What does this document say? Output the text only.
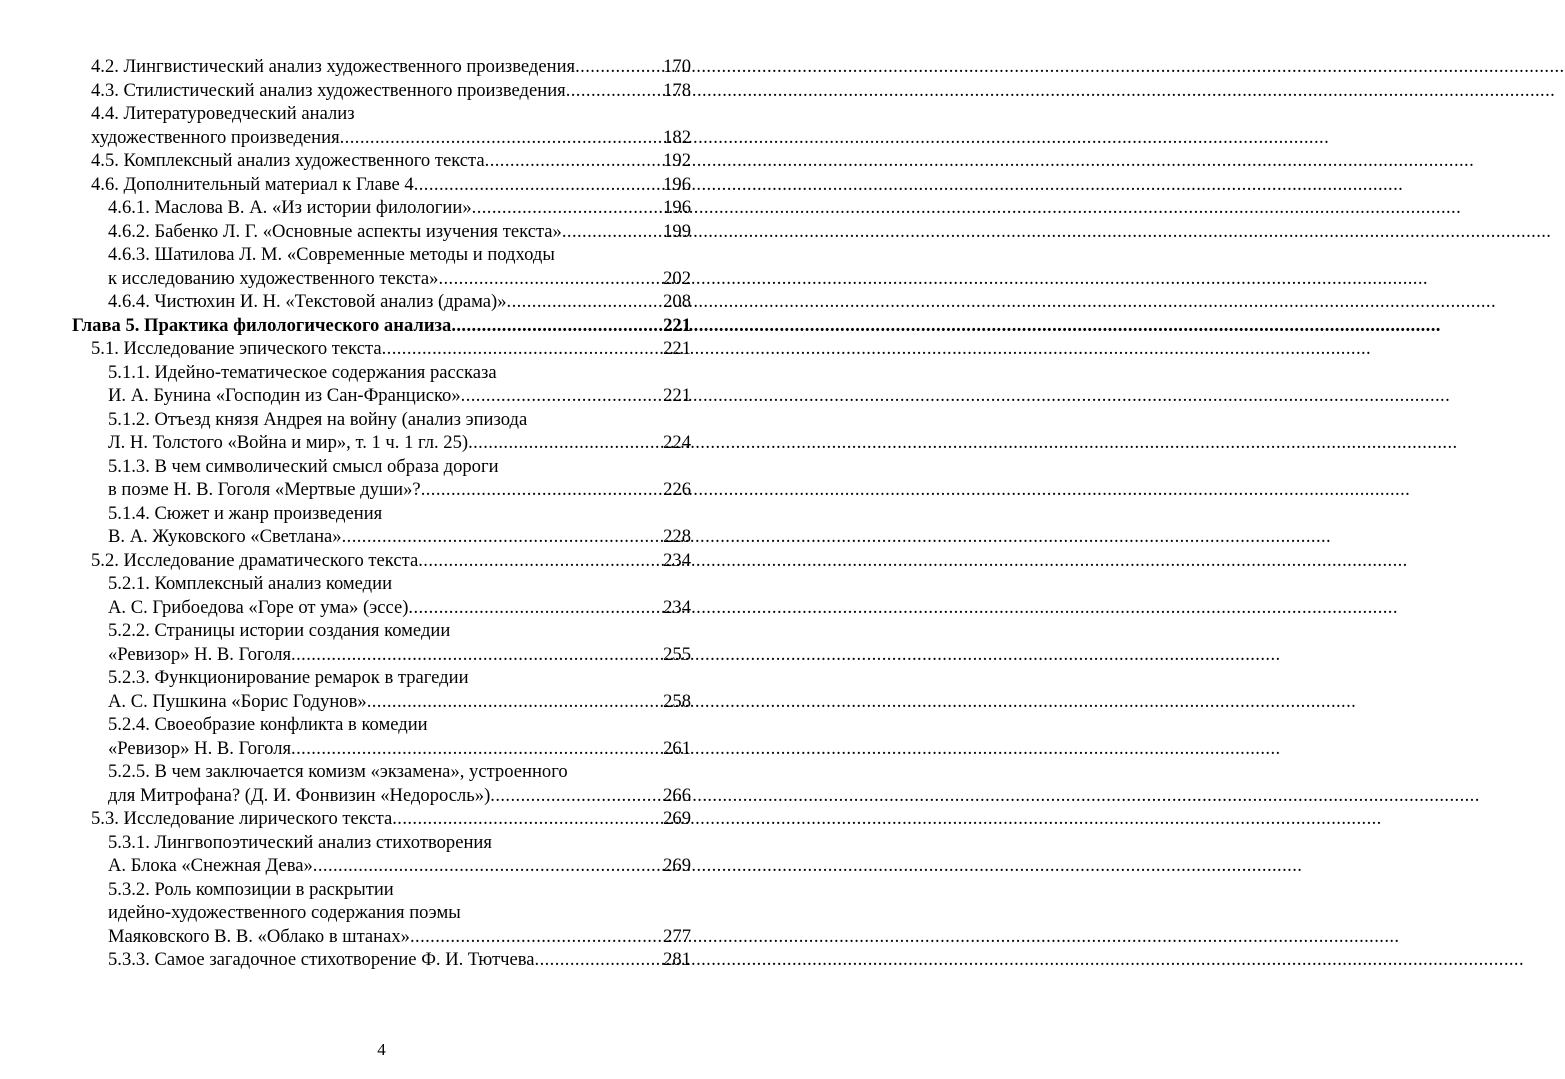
4.2. Лингвистический анализ художественного произведения .....	170
4.3. Стилистический анализ художественного произведения .....	178
4.4. Литературоведческий анализ
художественного произведения .....	182
4.5. Комплексный анализ художественного текста .....	192
4.6. Дополнительный материал к Главе 4 .....	196
4.6.1. Маслова В. А. «Из истории филологии» .....	196
4.6.2. Бабенко Л. Г. «Основные аспекты изучения текста» .....	199
4.6.3. Шатилова Л. М. «Современные методы и подходы
к исследованию художественного текста» .....	202
4.6.4. Чистюхин И. Н. «Текстовой анализ (драма)» .....	208
Глава 5. Практика филологического анализа .....	221
5.1. Исследование эпического текста .....	221
5.1.1. Идейно-тематическое содержания рассказа
И. А. Бунина «Господин из Сан-Франциско» .....	221
5.1.2. Отъезд князя Андрея на войну (анализ эпизода
Л. Н. Толстого «Война и мир», т. 1 ч. 1 гл. 25) .....	224
5.1.3. В чем символический смысл образа дороги
в поэме Н. В. Гоголя «Мертвые души»? .....	226
5.1.4. Сюжет и жанр произведения
В. А. Жуковского «Светлана» .....	228
5.2. Исследование драматического текста .....	234
5.2.1. Комплексный анализ комедии
А. С. Грибоедова «Горе от ума» (эссе) .....	234
5.2.2. Страницы истории создания комедии
«Ревизор» Н. В. Гоголя .....	255
5.2.3. Функционирование ремарок в трагедии
А. С. Пушкина «Борис Годунов» .....	258
5.2.4. Своеобразие конфликта в комедии
«Ревизор» Н. В. Гоголя .....	261
5.2.5. В чем заключается комизм «экзамена», устроенного
для Митрофана? (Д. И. Фонвизин «Недоросль») .....	266
5.3. Исследование лирического текста .....	269
5.3.1. Лингвопоэтический анализ стихотворения
А. Блока «Снежная Дева» .....	269
5.3.2. Роль композиции в раскрытии
идейно-художественного содержания поэмы
Маяковского В. В. «Облако в штанах» .....	277
5.3.3. Самое загадочное стихотворение Ф. И. Тютчева .....	281
4
